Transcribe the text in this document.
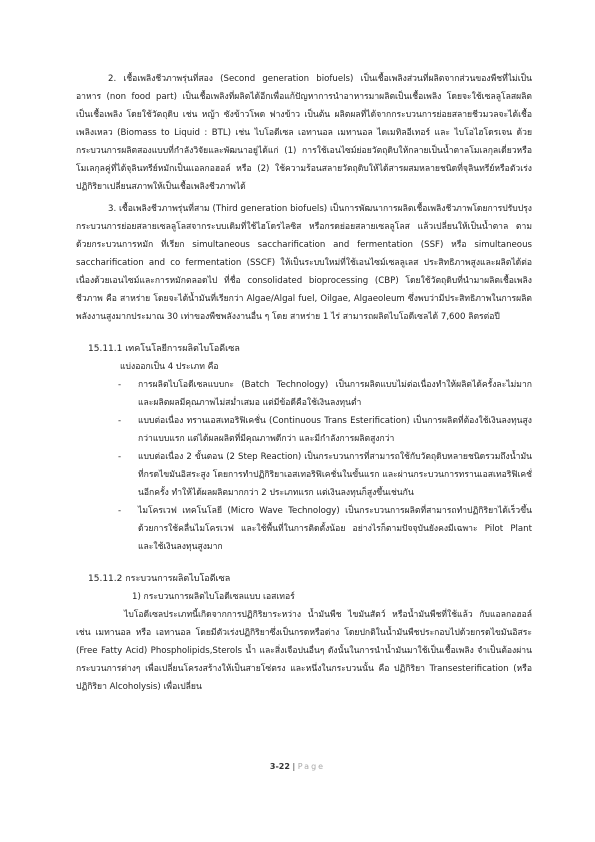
2. เชื้อเพลิงชีวภาพรุ่นที่สอง (Second generation biofuels) เป็นเชื้อเพลิงส่วนที่ผลิตจากส่วนของพืชที่ไม่เป็นอาหาร (non food part) เป็นเชื้อเพลิงที่ผลิตได้อีกเพื่อแก้ปัญหาการนำอาหารมาผลิตเป็นเชื้อเพลิง โดยจะใช้เซลลูโลสผลิตเป็นเชื้อเพลิง โดยใช้วัตถุดิบ เช่น หญ้า ซังข้าวโพด ฟางข้าว เป็นต้น ผลิตผลที่ได้จากกระบวนการย่อยสลายชีวมวลจะได้เชื้อเพลิงเหลว (Biomass to Liquid : BTL) เช่น ไบโอดีเซล เอทานอล เมทานอล ไดเมทิลอีเทอร์ และ ไบโอไฮโดรเจน ด้วยกระบวนการผลิตสองแบบที่กำลังวิจัยและพัฒนาอยู่ได้แก่ (1) การใช้เอนไซม์ย่อยวัตถุดิบให้กลายเป็นน้ำตาลโมเลกุลเดี่ยวหรือโมเลกุลคู่ที่ได้จุลินทรีย์หมักเป็นแอลกอฮอล์ หรือ (2) ใช้ความร้อนสลายวัตถุดิบให้ได้สารผสมหลายชนิดที่จุลินทรีย์หรือตัวเร่งปฏิกิริยาเปลี่ยนสภาพให้เป็นเชื้อเพลิงชีวภาพได้

3. เชื้อเพลิงชีวภาพรุ่นที่สาม (Third generation biofuels) เป็นการพัฒนาการผลิตเชื้อเพลิงชีวภาพโดยการปรับปรุงกระบวนการย่อยสลายเซลลูโลสจากระบบเดิมที่ใช้ไฮโดรไลซิส หรือกรดย่อยสลายเซลลูโลส แล้วเปลี่ยนให้เป็นน้ำตาล ตามด้วยกระบวนการหมัก ที่เรียก simultaneous saccharification and fermentation (SSF) หรือ simultaneous saccharification and co fermentation (SSCF) ให้เป็นระบบใหม่ที่ใช้เอนไซม์เซลลูเลส ประสิทธิภาพสูงและผลิตได้ต่อเนื่องด้วยเอนไซม์และการหมักตลอดไป ที่ชื่อ consolidated bioprocessing (CBP) โดยใช้วัตถุดิบที่นำมาผลิตเชื้อเพลิงชีวภาพ คือ สาหร่าย โดยจะได้น้ำมันที่เรียกว่า Algae/Algal fuel, Oilgae, Algaeoleum ซึ่งพบว่ามีประสิทธิภาพในการผลิตพลังงานสูงมากประมาณ 30 เท่าของพืชพลังงานอื่น ๆ โดย สาหร่าย 1 ไร่ สามารถผลิตไบโอดีเซลได้ 7,600 ลิตรต่อปี

15.11.1 เทคโนโลยีการผลิตไบโอดีเซล

แบ่งออกเป็น 4 ประเภท คือ

- การผลิตไบโอดีเซลแบบกะ (Batch Technology) เป็นการผลิตแบบไม่ต่อเนื่องทำให้ผลิตได้ครั้งละไม่มาก และผลิตผลมีคุณภาพไม่สม่ำเสมอ แต่มีข้อดีคือใช้เงินลงทุนต่ำ
- แบบต่อเนื่อง ทรานเอสเทอริฟิเคชั่น (Continuous Trans Esterification) เป็นการผลิตที่ต้องใช้เงินลงทุนสูงกว่าแบบแรก แต่ได้ผลผลิตที่มีคุณภาพดีกว่า และมีกำลังการผลิตสูงกว่า
- แบบต่อเนื่อง 2 ขั้นตอน (2 Step Reaction) เป็นกระบวนการที่สามารถใช้กับวัตถุดิบหลายชนิดรวมถึงน้ำมันที่กรดไขมันอิสระสูง โดยการทำปฏิกิริยาเอสเทอริฟิเคชั่นในขั้นแรก และผ่านกระบวนการทรานเอสเทอริฟิเคชั่นอีกครั้ง ทำให้ได้ผลผลิตมากกว่า 2 ประเภทแรก แต่เงินลงทุนก็สูงขึ้นเช่นกัน
- ไมโครเวฟ เทคโนโลยี (Micro Wave Technology) เป็นกระบวนการผลิตที่สามารถทำปฏิกิริยาได้เร็วขึ้น ด้วยการใช้คลื่นไมโครเวฟ และใช้พื้นที่ในการติดตั้งน้อย อย่างไรก็ตามปัจจุบันยังคงมีเฉพาะ Pilot Plant และใช้เงินลงทุนสูงมาก

15.11.2 กระบวนการผลิตไบโอดีเซล

1) กระบวนการผลิตไบโอดีเซลแบบ เอสเทอร์

ไบโอดีเซลประเภทนี้เกิดจากการปฏิกิริยาระหว่าง น้ำมันพืช ไขมันสัตว์ หรือน้ำมันพืชที่ใช้แล้ว กับแอลกอฮอล์ เช่น เมทานอล หรือ เอทานอล โดยมีตัวเร่งปฏิกิริยาซึ่งเป็นกรดหรือด่าง โดยปกติในน้ำมันพืชประกอบไปด้วยกรดไขมันอิสระ (Free Fatty Acid) Phospholipids,Sterols น้ำ และสิ่งเจือปนอื่นๆ ดังนั้นในการนำน้ำมันมาใช้เป็นเชื้อเพลิง จำเป็นต้องผ่านกระบวนการต่างๆ เพื่อเปลี่ยนโครงสร้างให้เป็นสายโซ่ตรง และหนึ่งในกระบวนนั้น คือ ปฏิกิริยา Transesterification (หรือปฏิกิริยา Alcoholysis) เพื่อเปลี่ยน

3-22 | Page
